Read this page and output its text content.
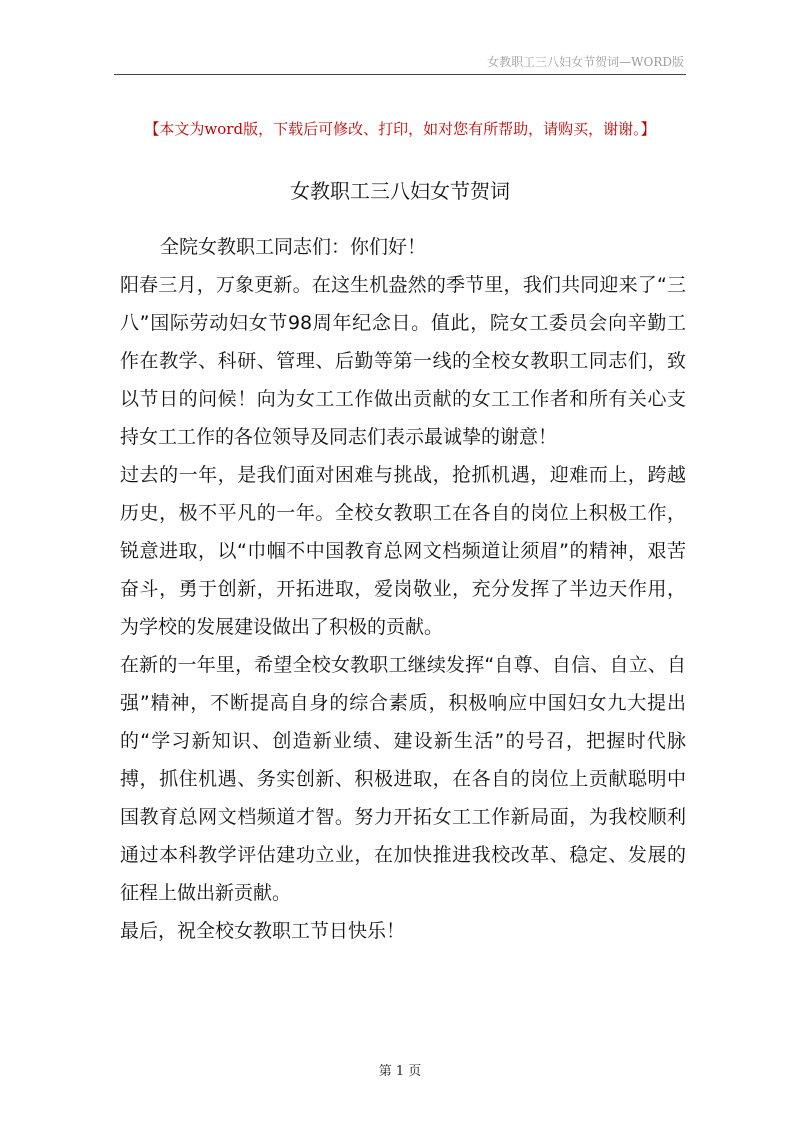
女教职工三八妇女节贺词—WORD版
【本文为word版，下载后可修改、打印，如对您有所帮助，请购买，谢谢。】
女教职工三八妇女节贺词

全院女教职工同志们：你们好！

阳春三月，万象更新。在这生机盎然的季节里，我们共同迎来了“三八”国际劳动妇女节98周年纪念日。值此，院女工委员会向辛勤工作在教学、科研、管理、后勤等第一线的全校女教职工同志们，致以节日的问候！向为女工工作做出贡献的女工工作者和所有关心支持女工工作的各位领导及同志们表示最诚挚的谢意！

过去的一年，是我们面对困难与挑战，抢抓机遇，迎难而上，跨越历史，极不平凡的一年。全校女教职工在各自的岗位上积极工作，锐意进取，以“巾帼不中国教育总网文档频道让须眉”的精神，艰苦奋斗，勇于创新，开拓进取，爱岗敬业，充分发挥了半边天作用，为学校的发展建设做出了积极的贡献。

在新的一年里，希望全校女教职工继续发挥“自尊、自信、自立、自强”精神，不断提高自身的综合素质，积极响应中国妇女九大提出的“学习新知识、创造新业绩、建设新生活”的号召，把握时代脉搏，抓住机遇、务实创新、积极进取，在各自的岗位上贡献聪明中国教育总网文档频道才智。努力开拓女工工作新局面，为我校顺利通过本科教学评估建功立业，在加快推进我校改革、稳定、发展的征程上做出新贡献。

最后，祝全校女教职工节日快乐！

第 1 页
